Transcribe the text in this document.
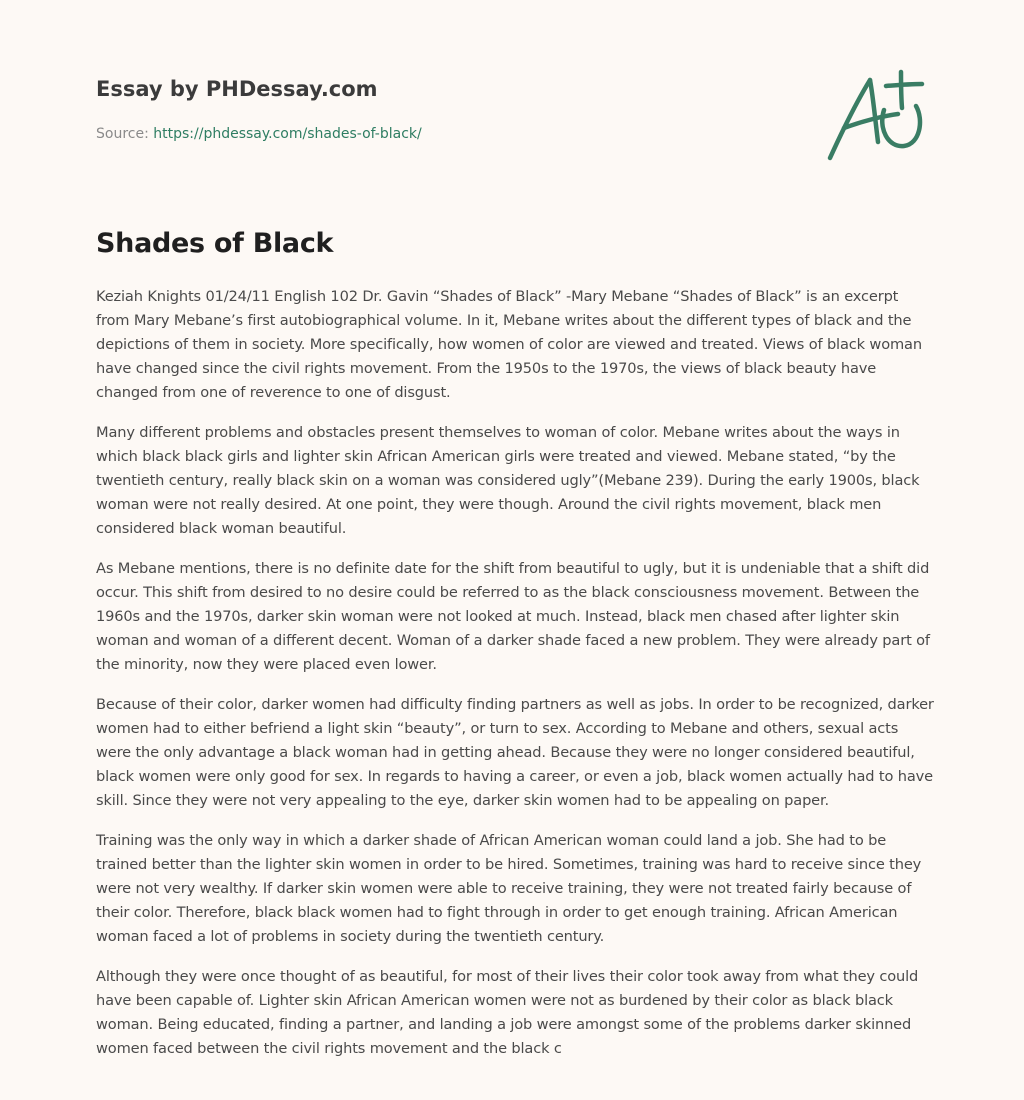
Essay by PHDessay.com
Source: https://phdessay.com/shades-of-black/
Shades of Black

Keziah Knights 01/24/11 English 102 Dr. Gavin “Shades of Black” -Mary Mebane “Shades of Black” is an excerpt from Mary Mebane’s first autobiographical volume. In it, Mebane writes about the different types of black and the depictions of them in society. More specifically, how women of color are viewed and treated. Views of black woman have changed since the civil rights movement. From the 1950s to the 1970s, the views of black beauty have changed from one of reverence to one of disgust.

Many different problems and obstacles present themselves to woman of color. Mebane writes about the ways in which black black girls and lighter skin African American girls were treated and viewed. Mebane stated, “by the twentieth century, really black skin on a woman was considered ugly”(Mebane 239). During the early 1900s, black woman were not really desired. At one point, they were though. Around the civil rights movement, black men considered black woman beautiful.

As Mebane mentions, there is no definite date for the shift from beautiful to ugly, but it is undeniable that a shift did occur. This shift from desired to no desire could be referred to as the black consciousness movement. Between the 1960s and the 1970s, darker skin woman were not looked at much. Instead, black men chased after lighter skin woman and woman of a different decent. Woman of a darker shade faced a new problem. They were already part of the minority, now they were placed even lower.

Because of their color, darker women had difficulty finding partners as well as jobs. In order to be recognized, darker women had to either befriend a light skin “beauty”, or turn to sex. According to Mebane and others, sexual acts were the only advantage a black woman had in getting ahead. Because they were no longer considered beautiful, black women were only good for sex. In regards to having a career, or even a job, black women actually had to have skill. Since they were not very appealing to the eye, darker skin women had to be appealing on paper.

Training was the only way in which a darker shade of African American woman could land a job. She had to be trained better than the lighter skin women in order to be hired. Sometimes, training was hard to receive since they were not very wealthy. If darker skin women were able to receive training, they were not treated fairly because of their color. Therefore, black black women had to fight through in order to get enough training. African American woman faced a lot of problems in society during the twentieth century.

Although they were once thought of as beautiful, for most of their lives their color took away from what they could have been capable of. Lighter skin African American women were not as burdened by their color as black black woman. Being educated, finding a partner, and landing a job were amongst some of the problems darker skinned women faced between the civil rights movement and the black c
